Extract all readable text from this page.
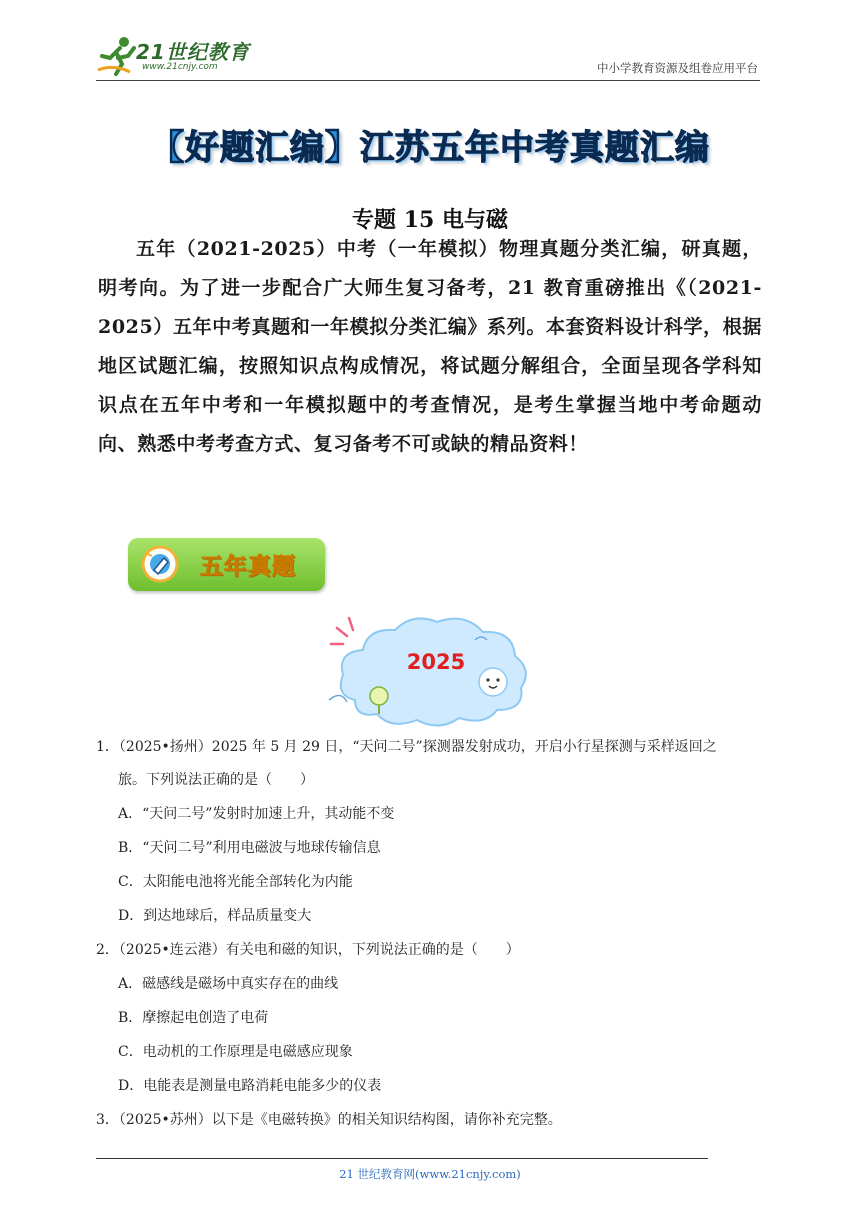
21世纪教育
www.21cnjy.com	中小学教育资源及组卷应用平台
【好题汇编】江苏五年中考真题汇编
专题 15 电与磁

五年（2021-2025）中考（一年模拟）物理真题分类汇编，研真题，明考向。为了进一步配合广大师生复习备考，21 教育重磅推出《（2021-2025）五年中考真题和一年模拟分类汇编》系列。本套资料设计科学，根据地区试题汇编，按照知识点构成情况，将试题分解组合，全面呈现各学科知识点在五年中考和一年模拟题中的考查情况，是考生掌握当地中考命题动向、熟悉中考考查方式、复习备考不可或缺的精品资料！

五年真题
2025
1．（2025•扬州）2025 年 5 月 29 日，“天问二号”探测器发射成功，开启小行星探测与采样返回之
旅。下列说法正确的是（　　）
A．“天问二号”发射时加速上升，其动能不变
B．“天问二号”利用电磁波与地球传输信息
C．太阳能电池将光能全部转化为内能
D．到达地球后，样品质量变大
2．（2025•连云港）有关电和磁的知识，下列说法正确的是（　　）
A．磁感线是磁场中真实存在的曲线
B．摩擦起电创造了电荷
C．电动机的工作原理是电磁感应现象
D．电能表是测量电路消耗电能多少的仪表
3．（2025•苏州）以下是《电磁转换》的相关知识结构图，请你补充完整。
21 世纪教育网(www.21cnjy.com)
